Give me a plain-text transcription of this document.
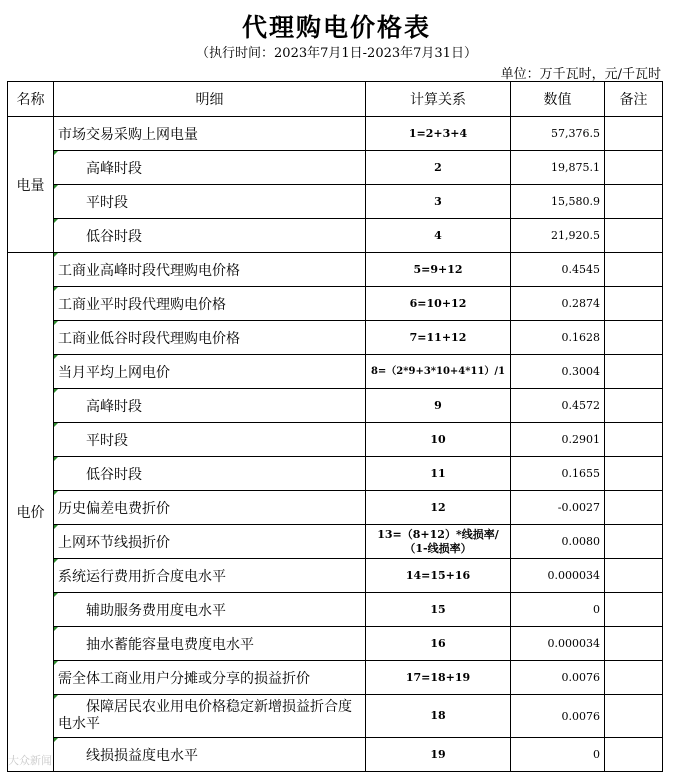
代理购电价格表
（执行时间：2023年7月1日-2023年7月31日）
单位：万千瓦时，元/千瓦时
名称	明细	计算关系	数值	备注
电量	市场交易采购上网电量	1=2+3+4	57,376.5	

高峰时段	2	19,875.1	

平时段	3	15,580.9	

低谷时段	4	21,920.5	
电价	工商业高峰时段代理购电价格	5=9+12	0.4545	

工商业平时段代理购电价格	6=10+12	0.2874	

工商业低谷时段代理购电价格	7=11+12	0.1628	

当月平均上网电价	8=（2*9+3*10+4*11）/1	0.3004	

高峰时段	9	0.4572	

平时段	10	0.2901	

低谷时段	11	0.1655	

历史偏差电费折价	12	-0.0027	

上网环节线损折价	13=（8+12）*线损率/
（1-线损率）	0.0080	

系统运行费用折合度电水平	14=15+16	0.000034	

辅助服务费用度电水平	15	0	

抽水蓄能容量电费度电水平	16	0.000034	

需全体工商业用户分摊或分享的损益折价	17=18+19	0.0076	

保障居民农业用电价格稳定新增损益折合度电水平	18	0.0076	

线损损益度电水平	19	0	
大众新闻
